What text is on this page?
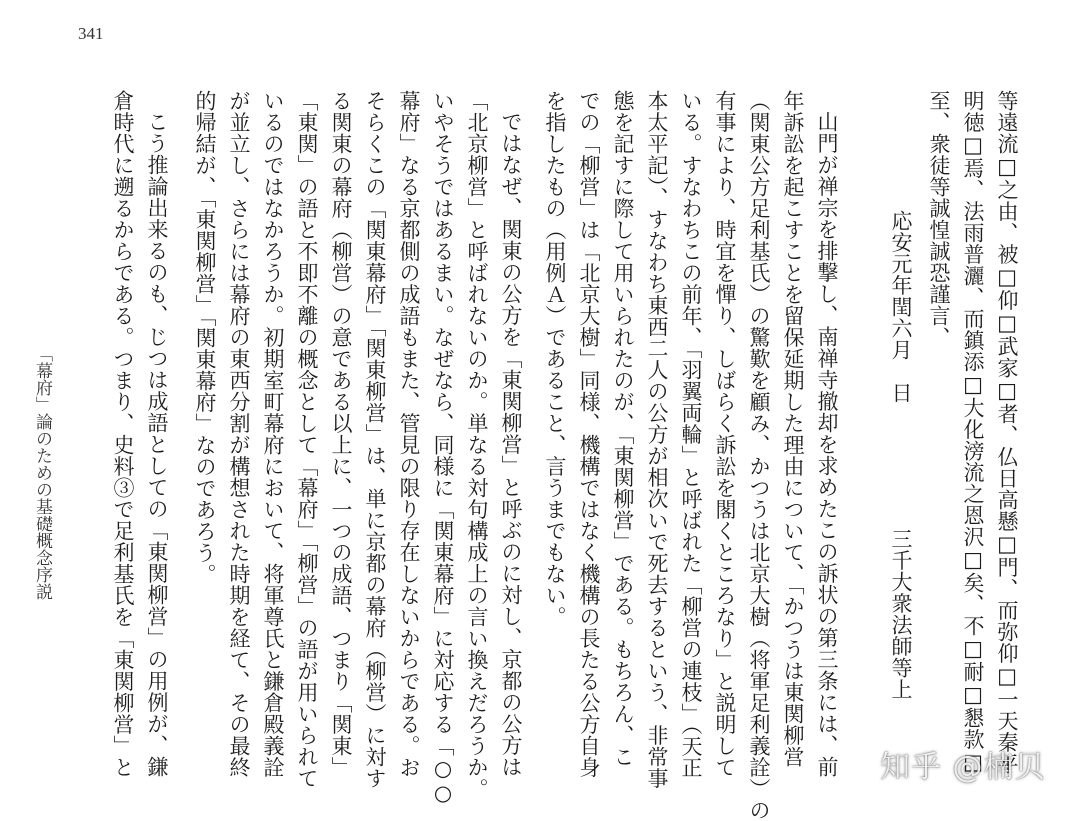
341
等遠流□之由、被□仰□武家□者、仏日高懸□門、而弥仰□一天秦平
明徳□焉、法雨普灑、而鎮添□大化滂流之恩沢□矣、不□耐□懇款□
至、衆徒等誠惶誠恐謹言、
応安元年閏六月　日
三千大衆法師等上
山門が禅宗を排撃し、南禅寺撤却を求めたこの訴状の第三条には、前
年訴訟を起こすことを留保延期した理由について、「かつうは東関柳営
（関東公方足利基氏）の驚歎を顧み、かつうは北京大樹（将軍足利義詮）の
有事により、時宜を憚り、しばらく訴訟を閣くところなり」と説明して
いる。すなわちこの前年、「羽翼両輪」と呼ばれた「柳営の連枝」（天正
本太平記）、すなわち東西二人の公方が相次いで死去するという、非常事
態を記すに際して用いられたのが、「東関柳営」である。もちろん、こ
での「柳営」は「北京大樹」同様、機構ではなく機構の長たる公方自身
を指したもの（用例Ａ）であること、言うまでもない。
ではなぜ、関東の公方を「東関柳営」と呼ぶのに対し、京都の公方は
「北京柳営」と呼ばれないのか。単なる対句構成上の言い換えだろうか。
いやそうではあるまい。なぜなら、同様に「関東幕府」に対応する「○○
幕府」なる京都側の成語もまた、管見の限り存在しないからである。お
そらくこの「関東幕府」「関東柳営」は、単に京都の幕府（柳営）に対す
る関東の幕府（柳営）の意である以上に、一つの成語、つまり「関東」
「東関」の語と不即不離の概念として「幕府」「柳営」の語が用いられて
いるのではなかろうか。初期室町幕府において、将軍尊氏と鎌倉殿義詮
が並立し、さらには幕府の東西分割が構想された時期を経て、その最終
的帰結が、「東関柳営」「関東幕府」なのであろう。
こう推論出来るのも、じつは成語としての「東関柳営」の用例が、鎌
倉時代に遡るからである。つまり、史料③で足利基氏を「東関柳営」と
「幕府」論のための基礎概念序説
知乎 @楠贝
